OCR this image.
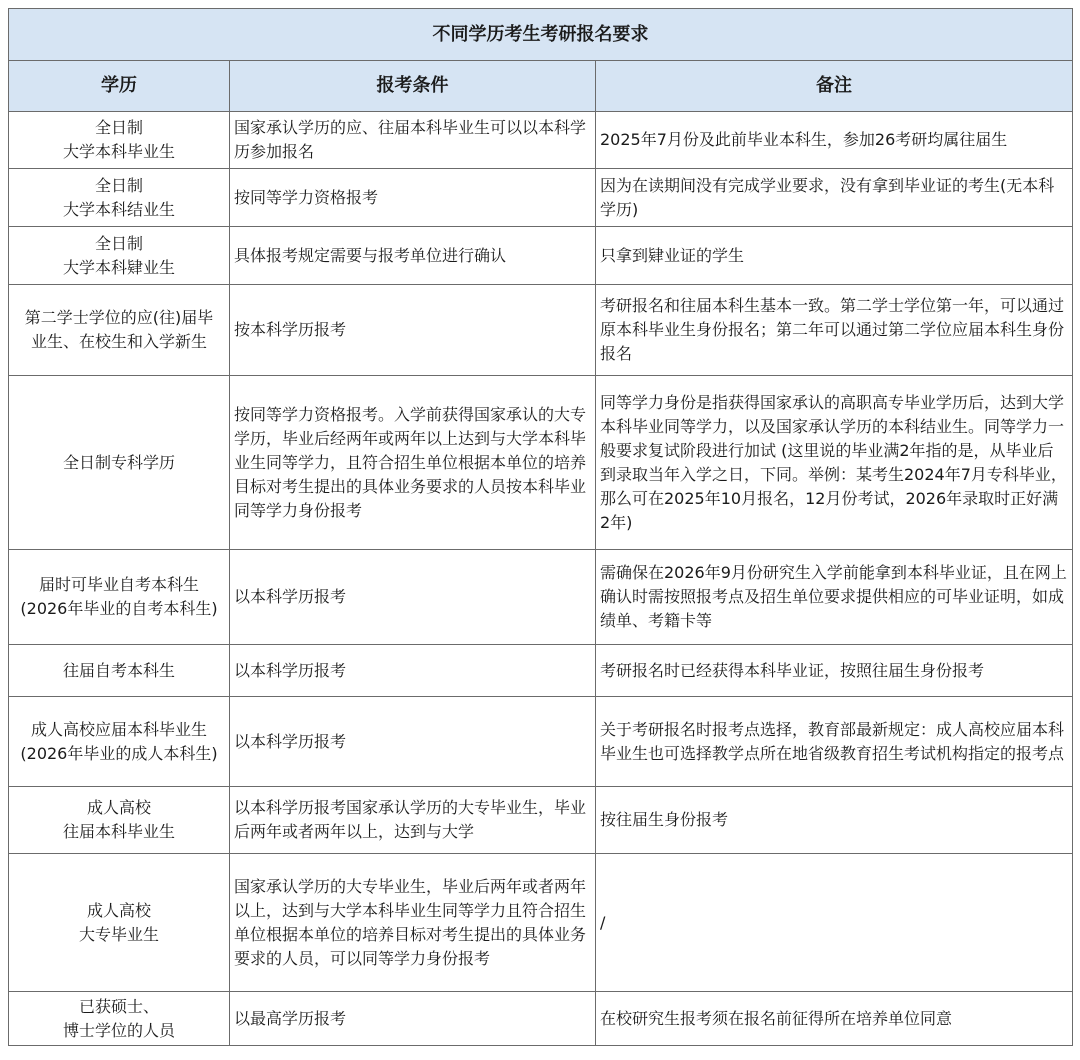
不同学历考生考研报名要求		
学历	报考条件	备注

全日制
大学本科毕业生	国家承认学历的应、往届本科毕业生可以以本科学历参加报名	2025年7月份及此前毕业本科生，参加26考研均属往届生

全日制
大学本科结业生	按同等学力资格报考	因为在读期间没有完成学业要求，没有拿到毕业证的考生(无本科学历)

全日制
大学本科肄业生	具体报考规定需要与报考单位进行确认	只拿到肄业证的学生

第二学士学位的应(往)届毕
业生、在校生和入学新生	按本科学历报考	考研报名和往届本科生基本一致。第二学士学位第一年，可以通过原本科毕业生身份报名；第二年可以通过第二学位应届本科生身份报名

全日制专科学历	按同等学力资格报考。入学前获得国家承认的大专学历，毕业后经两年或两年以上达到与大学本科毕业生同等学力，且符合招生单位根据本单位的培养目标对考生提出的具体业务要求的人员按本科毕业同等学力身份报考	同等学力身份是指获得国家承认的高职高专毕业学历后，达到大学本科毕业同等学力，以及国家承认学历的本科结业生。同等学力一般要求复试阶段进行加试 (这里说的毕业满2年指的是，从毕业后到录取当年入学之日，下同。举例：某考生2024年7月专科毕业，那么可在2025年10月报名，12月份考试，2026年录取时正好满2年)

届时可毕业自考本科生
(2026年毕业的自考本科生)	以本科学历报考	需确保在2026年9月份研究生入学前能拿到本科毕业证，且在网上确认时需按照报考点及招生单位要求提供相应的可毕业证明，如成绩单、考籍卡等

往届自考本科生	以本科学历报考	考研报名时已经获得本科毕业证，按照往届生身份报考

成人高校应届本科毕业生
(2026年毕业的成人本科生)	以本科学历报考	关于考研报名时报考点选择，教育部最新规定：成人高校应届本科毕业生也可选择教学点所在地省级教育招生考试机构指定的报考点

成人高校
往届本科毕业生	以本科学历报考国家承认学历的大专毕业生，毕业后两年或者两年以上，达到与大学	按往届生身份报考

成人高校
大专毕业生	国家承认学历的大专毕业生，毕业后两年或者两年以上，达到与大学本科毕业生同等学力且符合招生单位根据本单位的培养目标对考生提出的具体业务要求的人员，可以同等学力身份报考	/

已获硕士、
博士学位的人员	以最高学历报考	在校研究生报考须在报名前征得所在培养单位同意
